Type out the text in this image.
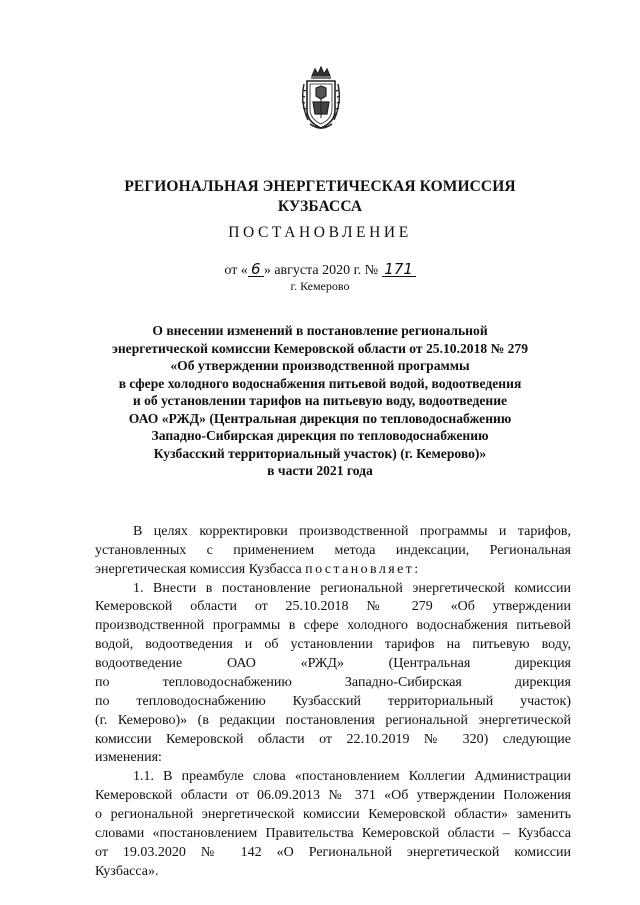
РЕГИОНАЛЬНАЯ ЭНЕРГЕТИЧЕСКАЯ КОМИССИЯ
КУЗБАССА
ПОСТАНОВЛЕНИЕ
от « 6 » августа 2020 г. № 171
г. Кемерово
О внесении изменений в постановление региональной
энергетической комиссии Кемеровской области от 25.10.2018 № 279
«Об утверждении производственной программы
в сфере холодного водоснабжения питьевой водой, водоотведения
и об установлении тарифов на питьевую воду, водоотведение
ОАО «РЖД» (Центральная дирекция по тепловодоснабжению
Западно-Сибирская дирекция по тепловодоснабжению
Кузбасский территориальный участок) (г. Кемерово)»
в части 2021 года
В целях корректировки производственной программы и тарифов,
установленных с применением метода индексации, Региональная
энергетическая комиссия Кузбасса постановляет:
1. Внести в постановление региональной энергетической комиссии
Кемеровской области от 25.10.2018 № 279 «Об утверждении
производственной программы в сфере холодного водоснабжения питьевой
водой, водоотведения и об установлении тарифов на питьевую воду,
водоотведение ОАО «РЖД» (Центральная дирекция
по тепловодоснабжению Западно-Сибирская дирекция
по тепловодоснабжению Кузбасский территориальный участок)
(г. Кемерово)» (в редакции постановления региональной энергетической
комиссии Кемеровской области от 22.10.2019 № 320) следующие
изменения:
1.1. В преамбуле слова «постановлением Коллегии Администрации
Кемеровской области от 06.09.2013 № 371 «Об утверждении Положения
о региональной энергетической комиссии Кемеровской области» заменить
словами «постановлением Правительства Кемеровской области – Кузбасса
от 19.03.2020 № 142 «О Региональной энергетической комиссии
Кузбасса».
